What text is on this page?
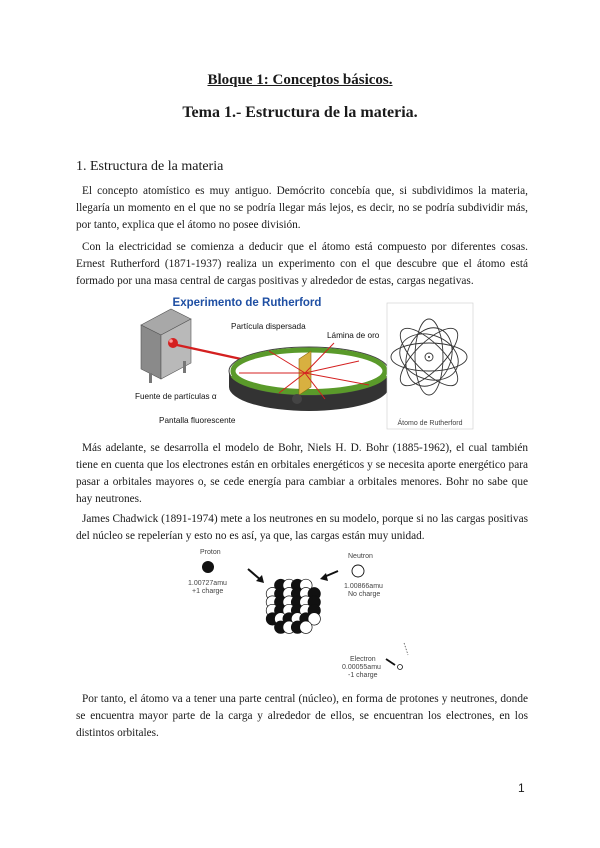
Bloque 1: Conceptos básicos.
Tema 1.- Estructura de la materia.
1. Estructura de la materia

El concepto atomístico es muy antiguo. Demócrito concebía que, si subdividimos la materia, llegaría un momento en el que no se podría llegar más lejos, es decir, no se podría subdividir más, por tanto, explica que el átomo no posee división.

Con la electricidad se comienza a deducir que el átomo está compuesto por diferentes cosas. Ernest Rutherford (1871-1937) realiza un experimento con el que descubre que el átomo está formado por una masa central de cargas positivas y alrededor de estas, cargas negativas.

Experimento de Rutherford
Partícula dispersada
Lámina de oro
Fuente de partículas α
Pantalla fluorescente	Átomo de Rutherford

Más adelante, se desarrolla el modelo de Bohr, Niels H. D. Bohr (1885-1962), el cual también tiene en cuenta que los electrones están en orbitales energéticos y se necesita aporte energético para pasar a orbitales mayores o, se cede energía para cambiar a orbitales menores. Bohr no sabe que hay neutrones.

James Chadwick (1891-1974) mete a los neutrones en su modelo, porque si no las cargas positivas del núcleo se repelerían y esto no es así, ya que, las cargas están muy unidad.

Proton
1.00727amu
+1 charge
Neutron
1.00866amu
No charge
Electron
0.00055amu
-1 charge

Por tanto, el átomo va a tener una parte central (núcleo), en forma de protones y neutrones, donde se encuentra mayor parte de la carga y alrededor de ellos, se encuentran los electrones, en los distintos orbitales.

1
